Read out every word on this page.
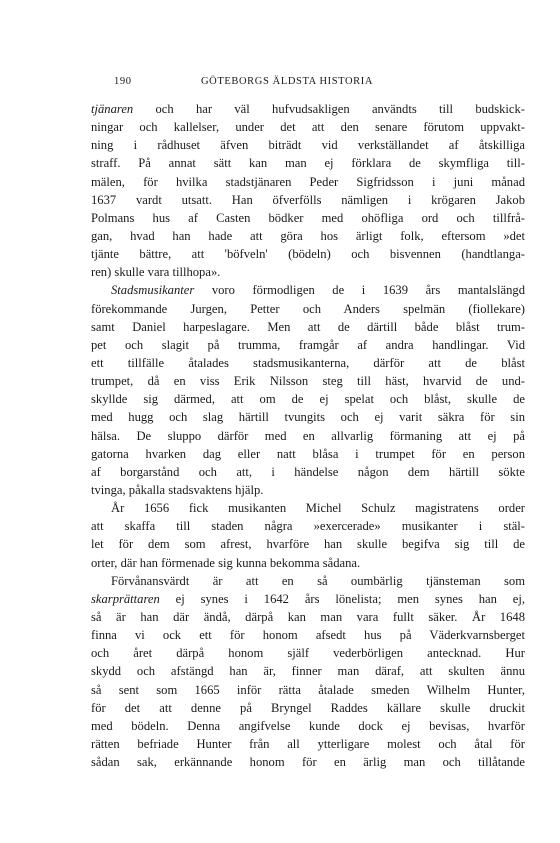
190	GÖTEBORGS ÄLDSTA HISTORIA
tjänaren och har väl hufvudsakligen användts till budskick-
ningar och kallelser, under det att den senare förutom uppvakt-
ning i rådhuset äfven biträdt vid verkställandet af åtskilliga
straff. På annat sätt kan man ej förklara de skymfliga till-
mälen, för hvilka stadstjänaren Peder Sigfridsson i juni månad
1637 vardt utsatt. Han öfverfölls nämligen i krögaren Jakob
Polmans hus af Casten bödker med ohöfliga ord och tillfrå-
gan, hvad han hade att göra hos ärligt folk, eftersom »det
tjänte bättre, att 'böfveln' (bödeln) och bisvennen (handtlanga-
ren) skulle vara tillhopa».
Stadsmusikanter voro förmodligen de i 1639 års mantalslängd
förekommande Jurgen, Petter och Anders spelmän (fiollekare)
samt Daniel harpeslagare. Men att de därtill både blåst trum-
pet och slagit på trumma, framgår af andra handlingar. Vid
ett tillfälle åtalades stadsmusikanterna, därför att de blåst
trumpet, då en viss Erik Nilsson steg till häst, hvarvid de und-
skyllde sig därmed, att om de ej spelat och blåst, skulle de
med hugg och slag härtill tvungits och ej varit säkra för sin
hälsa. De sluppo därför med en allvarlig förmaning att ej på
gatorna hvarken dag eller natt blåsa i trumpet för en person
af borgarstånd och att, i händelse någon dem härtill sökte
tvinga, påkalla stadsvaktens hjälp.
År 1656 fick musikanten Michel Schulz magistratens order
att skaffa till staden några »exercerade» musikanter i stäl-
let för dem som afrest, hvarföre han skulle begifva sig till de
orter, där han förmenade sig kunna bekomma sådana.
Förvånansvärdt är att en så oumbärlig tjänsteman som
skarprättaren ej synes i 1642 års lönelista; men synes han ej,
så är han där ändå, därpå kan man vara fullt säker. År 1648
finna vi ock ett för honom afsedt hus på Väderkvarnsberget
och året därpå honom själf vederbörligen antecknad. Hur
skydd och afstängd han är, finner man däraf, att skulten ännu
så sent som 1665 inför rätta åtalade smeden Wilhelm Hunter,
för det att denne på Bryngel Raddes källare skulle druckit
med bödeln. Denna angifvelse kunde dock ej bevisas, hvarför
rätten befriade Hunter från all ytterligare molest och åtal för
sådan sak, erkännande honom för en ärlig man och tillåtande
